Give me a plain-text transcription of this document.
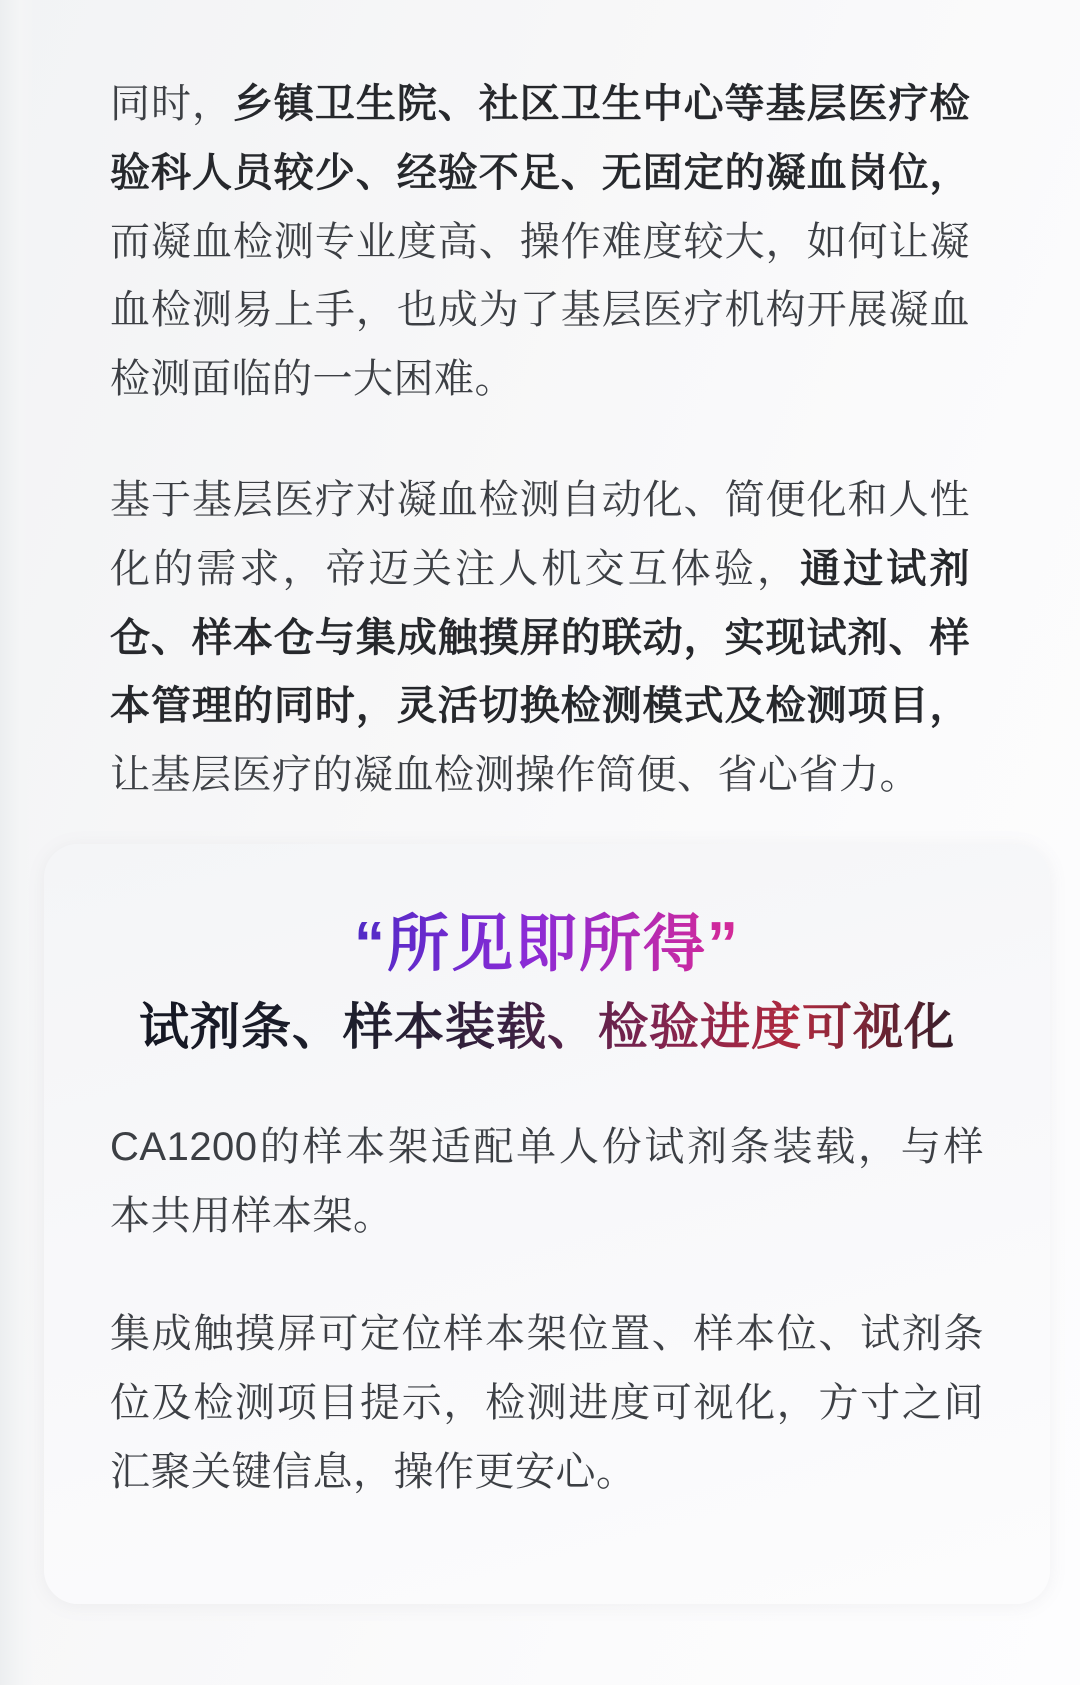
同时，乡镇卫生院、社区卫生中心等基层医疗检验科人员较少、经验不足、无固定的凝血岗位，而凝血检测专业度高、操作难度较大，如何让凝血检测易上手，也成为了基层医疗机构开展凝血检测面临的一大困难。

基于基层医疗对凝血检测自动化、简便化和人性化的需求，帝迈关注人机交互体验，通过试剂仓、样本仓与集成触摸屏的联动，实现试剂、样本管理的同时，灵活切换检测模式及检测项目，让基层医疗的凝血检测操作简便、省心省力。

“所见即所得”
试剂条、样本装载、检验进度可视化

CA1200的样本架适配单人份试剂条装载，与样本共用样本架。

集成触摸屏可定位样本架位置、样本位、试剂条位及检测项目提示，检测进度可视化，方寸之间汇聚关键信息，操作更安心。
